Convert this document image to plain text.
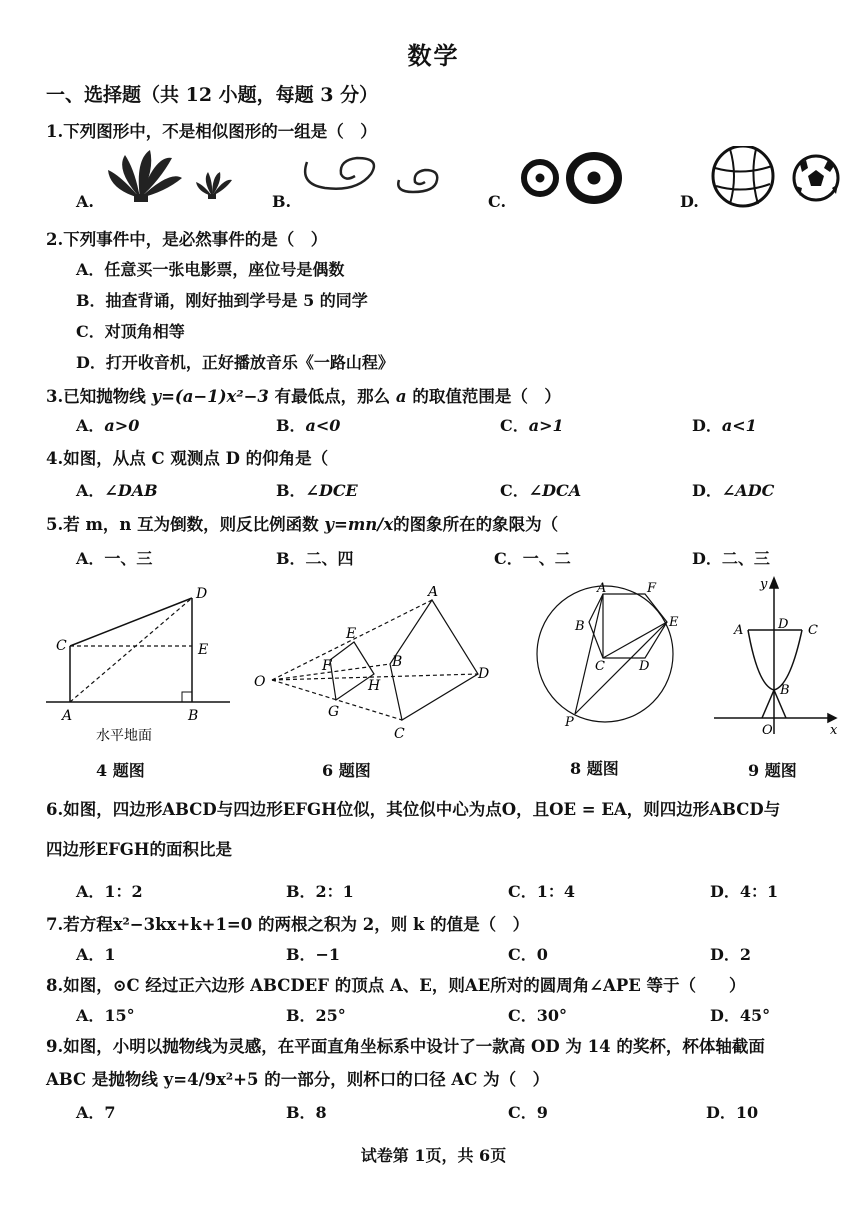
数学
一、选择题（共 12 小题，每题 3 分）
1.下列图形中，不是相似图形的一组是（　）
A.	B.	C.	D.
2.下列事件中，是必然事件的是（　）
A．任意买一张电影票，座位号是偶数
B．抽查背诵，刚好抽到学号是 5 的同学
C．对顶角相等
D．打开收音机，正好播放音乐《一路山程》
3.已知抛物线 y=(a−1)x²−3 有最低点，那么 a 的取值范围是（　）
A．a>0	B．a<0	C．a>1	D．a<1
4.如图，从点 C 观测点 D 的仰角是（
A．∠DAB	B．∠DCE	C．∠DCA	D．∠ADC
5.若 m，n 互为倒数，则反比例函数 y=mn/x的图象所在的象限为（
A．一、三	B．二、四	C．一、二	D．二、三
D
C	E
A	B
水平地面
4 题图
A
E
B
F
H
D
O
G
C
6 题图
A	F
B	E
C	D
P
8 题图
y
A	D C
B
O	x
9 题图
6.如图，四边形ABCD与四边形EFGH位似，其位似中心为点O，且OE = EA，则四边形ABCD与
四边形EFGH的面积比是
A．1：2	B．2：1	C．1：4	D．4：1
7.若方程x²−3kx+k+1=0 的两根之积为 2，则 k 的值是（　）
A．1	B．−1	C．0	D．2
8.如图，⊙C 经过正六边形 ABCDEF 的顶点 A、E，则AE所对的圆周角∠APE 等于（　　）
A．15°	B．25°	C．30°	D．45°
9.如图，小明以抛物线为灵感，在平面直角坐标系中设计了一款高 OD 为 14 的奖杯，杯体轴截面
ABC 是抛物线 y=4/9x²+5 的一部分，则杯口的口径 AC 为（　）
A．7	B．8	C．9	D．10
试卷第 1页，共 6页
